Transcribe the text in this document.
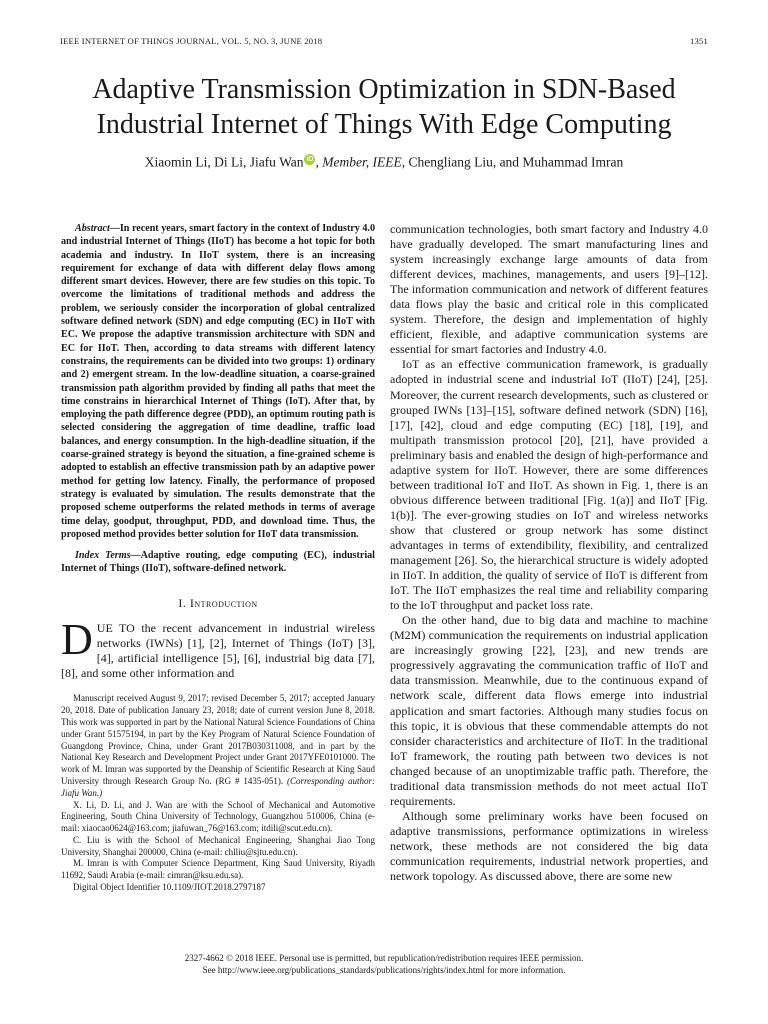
IEEE INTERNET OF THINGS JOURNAL, VOL. 5, NO. 3, JUNE 2018	1351
Adaptive Transmission Optimization in SDN-Based
Industrial Internet of Things With Edge Computing
Xiaomin Li, Di Li, Jiafu Wan iD , Member, IEEE, Chengliang Liu, and Muhammad Imran

Abstract—In recent years, smart factory in the context of Industry 4.0 and industrial Internet of Things (IIoT) has become a hot topic for both academia and industry. In IIoT system, there is an increasing requirement for exchange of data with different delay flows among different smart devices. However, there are few studies on this topic. To overcome the limitations of traditional methods and address the problem, we seriously consider the incorporation of global centralized software defined network (SDN) and edge computing (EC) in IIoT with EC. We propose the adaptive transmission architecture with SDN and EC for IIoT. Then, according to data streams with different latency constrains, the requirements can be divided into two groups: 1) ordinary and 2) emergent stream. In the low-deadline situation, a coarse-grained transmission path algorithm provided by finding all paths that meet the time constrains in hierarchical Internet of Things (IoT). After that, by employing the path difference degree (PDD), an optimum routing path is selected considering the aggregation of time deadline, traffic load balances, and energy consumption. In the high-deadline situation, if the coarse-grained strategy is beyond the situation, a fine-grained scheme is adopted to establish an effective transmission path by an adaptive power method for getting low latency. Finally, the performance of proposed strategy is evaluated by simulation. The results demonstrate that the proposed scheme outperforms the related methods in terms of average time delay, goodput, throughput, PDD, and download time. Thus, the proposed method provides better solution for IIoT data transmission.

Index Terms—Adaptive routing, edge computing (EC), industrial Internet of Things (IIoT), software-defined network.

I. Introduction

DUE TO the recent advancement in industrial wireless networks (IWNs) [1], [2], Internet of Things (IoT) [3], [4], artificial intelligence [5], [6], industrial big data [7], [8], and some other information and

Manuscript received August 9, 2017; revised December 5, 2017; accepted January 20, 2018. Date of publication January 23, 2018; date of current version June 8, 2018. This work was supported in part by the National Natural Science Foundations of China under Grant 51575194, in part by the Key Program of Natural Science Foundation of Guangdong Province, China, under Grant 2017B030311008, and in part by the National Key Research and Development Project under Grant 2017YFE0101000. The work of M. Imran was supported by the Deanship of Scientific Research at King Saud University through Research Group No. (RG # 1435-051). (Corresponding author: Jiafu Wan.)

X. Li, D. Li, and J. Wan are with the School of Mechanical and Automotive Engineering, South China University of Technology, Guangzhou 510006, China (e-mail: xiaocao0624@163.com; jiafuwan_76@163.com; itdili@scut.edu.cn).

C. Liu is with the School of Mechanical Engineering, Shanghai Jiao Tong University, Shanghai 200000, China (e-mail: chlliu@sjtu.edu.cn).

M. Imran is with Computer Science Department, King Saud University, Riyadh 11692, Saudi Arabia (e-mail: cimran@ksu.edu.sa).

Digital Object Identifier 10.1109/JIOT.2018.2797187

communication technologies, both smart factory and Industry 4.0 have gradually developed. The smart manufacturing lines and system increasingly exchange large amounts of data from different devices, machines, managements, and users [9]–[12]. The information communication and network of different features data flows play the basic and critical role in this complicated system. Therefore, the design and implementation of highly efficient, flexible, and adaptive communication systems are essential for smart factories and Industry 4.0.

IoT as an effective communication framework, is gradually adopted in industrial scene and industrial IoT (IIoT) [24], [25]. Moreover, the current research developments, such as clustered or grouped IWNs [13]–[15], software defined network (SDN) [16], [17], [42], cloud and edge computing (EC) [18], [19], and multipath transmission protocol [20], [21], have provided a preliminary basis and enabled the design of high-performance and adaptive system for IIoT. However, there are some differences between traditional IoT and IIoT. As shown in Fig. 1, there is an obvious difference between traditional [Fig. 1(a)] and IIoT [Fig. 1(b)]. The ever-growing studies on IoT and wireless networks show that clustered or group network has some distinct advantages in terms of extendibility, flexibility, and centralized management [26]. So, the hierarchical structure is widely adopted in IIoT. In addition, the quality of service of IIoT is different from IoT. The IIoT emphasizes the real time and reliability comparing to the IoT throughput and packet loss rate.

On the other hand, due to big data and machine to machine (M2M) communication the requirements on industrial application are increasingly growing [22], [23], and new trends are progressively aggravating the communication traffic of IIoT and data transmission. Meanwhile, due to the continuous expand of network scale, different data flows emerge into industrial application and smart factories. Although many studies focus on this topic, it is obvious that these commendable attempts do not consider characteristics and architecture of IIoT. In the traditional IoT framework, the routing path between two devices is not changed because of an unoptimizable traffic path. Therefore, the traditional data transmission methods do not meet actual IIoT requirements.

Although some preliminary works have been focused on adaptive transmissions, performance optimizations in wireless network, these methods are not considered the big data communication requirements, industrial network properties, and network topology. As discussed above, there are some new

2327-4662 © 2018 IEEE. Personal use is permitted, but republication/redistribution requires IEEE permission.
See http://www.ieee.org/publications_standards/publications/rights/index.html for more information.
